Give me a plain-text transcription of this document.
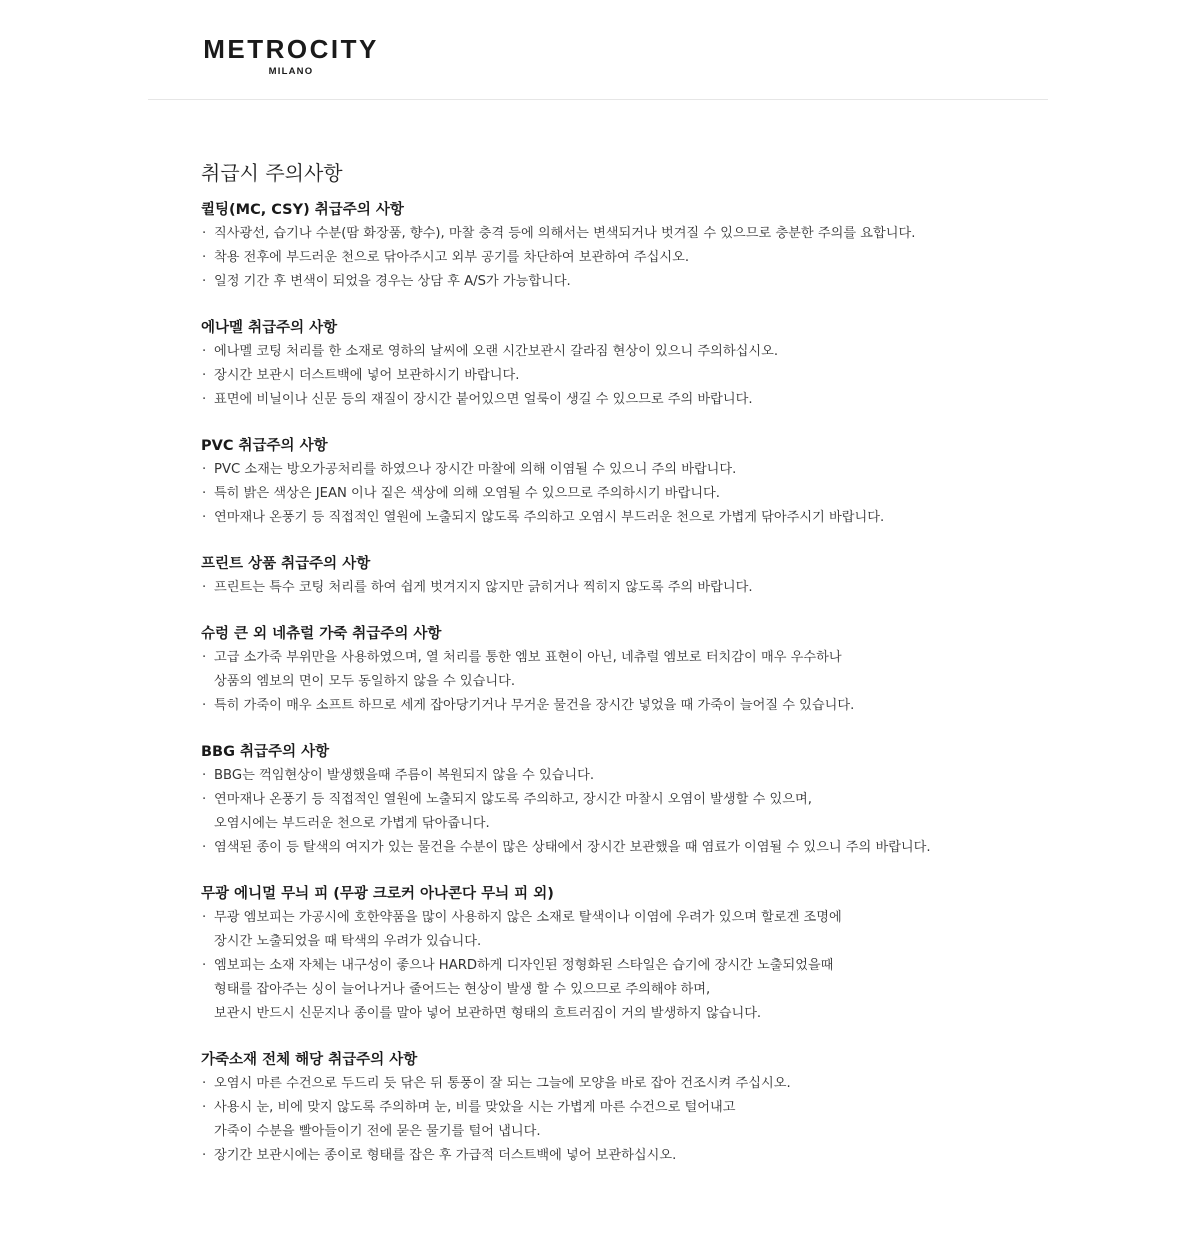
METROCITY
MILANO
취급시 주의사항
퀼팅(MC, CSY) 취급주의 사항
· 직사광선, 습기나 수분(땀 화장품, 향수), 마찰 충격 등에 의해서는 변색되거나 벗겨질 수 있으므로 충분한 주의를 요합니다.
· 착용 전후에 부드러운 천으로 닦아주시고 외부 공기를 차단하여 보관하여 주십시오.
· 일정 기간 후 변색이 되었을 경우는 상담 후 A/S가 가능합니다.
에나멜 취급주의 사항
· 에나멜 코팅 처리를 한 소재로 영하의 날씨에 오랜 시간보관시 갈라짐 현상이 있으니 주의하십시오.
· 장시간 보관시 더스트백에 넣어 보관하시기 바랍니다.
· 표면에 비닐이나 신문 등의 재질이 장시간 붙어있으면 얼룩이 생길 수 있으므로 주의 바랍니다.
PVC 취급주의 사항
· PVC 소재는 방오가공처리를 하였으나 장시간 마찰에 의해 이염될 수 있으니 주의 바랍니다.
· 특히 밝은 색상은 JEAN 이나 짙은 색상에 의해 오염될 수 있으므로 주의하시기 바랍니다.
· 연마재나 온풍기 등 직접적인 열원에 노출되지 않도록 주의하고 오염시 부드러운 천으로 가볍게 닦아주시기 바랍니다.
프린트 상품 취급주의 사항
· 프린트는 특수 코팅 처리를 하여 쉽게 벗겨지지 않지만 긁히거나 찍히지 않도록 주의 바랍니다.
슈렁 큰 외 네츄럴 가죽 취급주의 사항
· 고급 소가죽 부위만을 사용하였으며, 열 처리를 통한 엠보 표현이 아닌, 네츄럴 엠보로 터치감이 매우 우수하나
상품의 엠보의 면이 모두 동일하지 않을 수 있습니다.
· 특히 가죽이 매우 소프트 하므로 세게 잡아당기거나 무거운 물건을 장시간 넣었을 때 가죽이 늘어질 수 있습니다.
BBG 취급주의 사항
· BBG는 꺽임현상이 발생했을때 주름이 복원되지 않을 수 있습니다.
· 연마재나 온풍기 등 직접적인 열원에 노출되지 않도록 주의하고, 장시간 마찰시 오염이 발생할 수 있으며,
오염시에는 부드러운 천으로 가볍게 닦아줍니다.
· 염색된 종이 등 탈색의 여지가 있는 물건을 수분이 많은 상태에서 장시간 보관했을 때 염료가 이염될 수 있으니 주의 바랍니다.
무광 에니멀 무늬 피 (무광 크로커 아나콘다 무늬 피 외)
· 무광 엠보피는 가공시에 호한약품을 많이 사용하지 않은 소재로 탈색이나 이염에 우려가 있으며 할로겐 조명에
장시간 노출되었을 때 탁색의 우려가 있습니다.
· 엠보피는 소재 자체는 내구성이 좋으나 HARD하게 디자인된 정형화된 스타일은 습기에 장시간 노출되었을때
형태를 잡아주는 싱이 늘어나거나 줄어드는 현상이 발생 할 수 있으므로 주의해야 하며,
보관시 반드시 신문지나 종이를 말아 넣어 보관하면 형태의 흐트러짐이 거의 발생하지 않습니다.
가죽소재 전체 해당 취급주의 사항
· 오염시 마른 수건으로 두드리 듯 닦은 뒤 통풍이 잘 되는 그늘에 모양을 바로 잡아 건조시켜 주십시오.
· 사용시 눈, 비에 맞지 않도록 주의하며 눈, 비를 맞았을 시는 가볍게 마른 수건으로 털어내고
가죽이 수분을 빨아들이기 전에 묻은 물기를 털어 냅니다.
· 장기간 보관시에는 종이로 형태를 잡은 후 가급적 더스트백에 넣어 보관하십시오.
